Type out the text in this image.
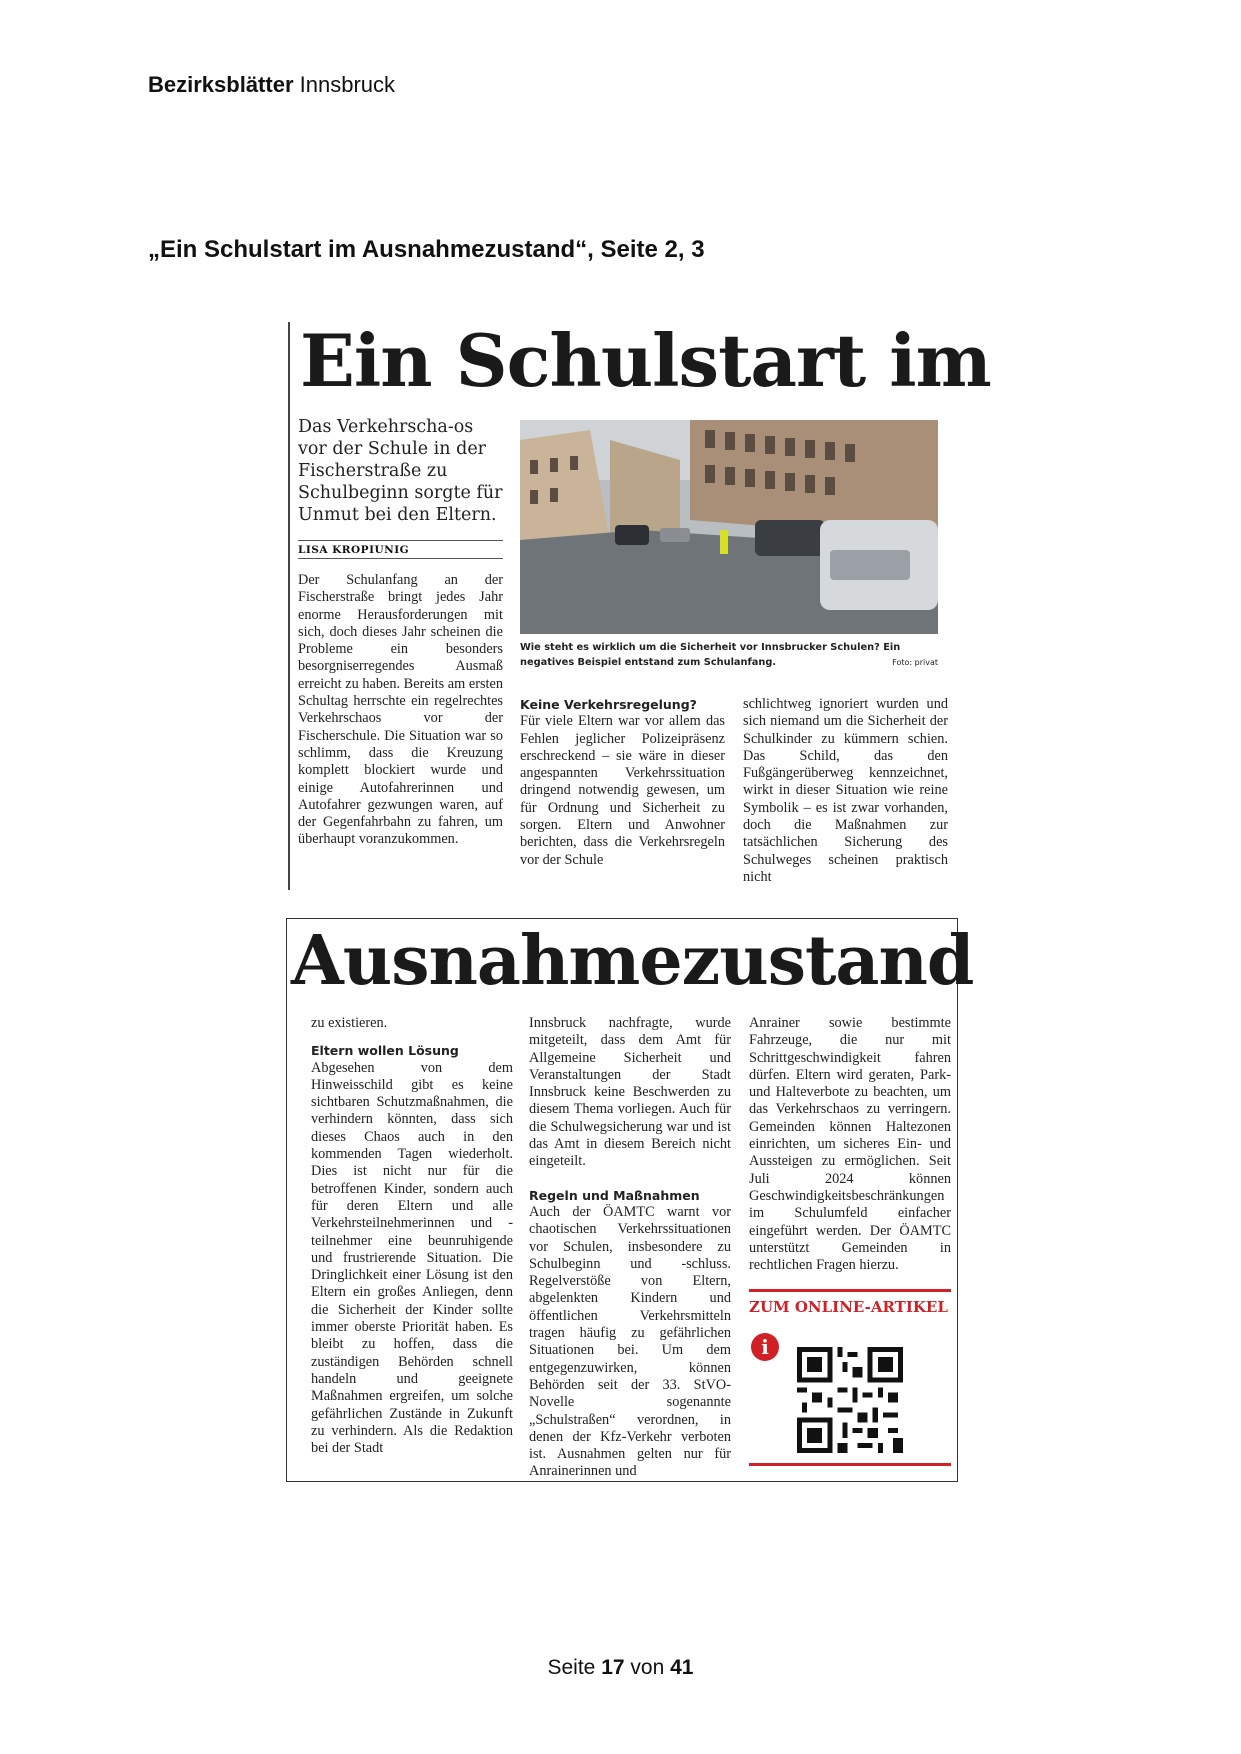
Bezirksblätter Innsbruck
„Ein Schulstart im Ausnahmezustand“, Seite 2, 3
Ein Schulstart im
Das Verkehrscha-os vor der Schule in der Fischerstraße zu Schulbeginn sorgte für Unmut bei den Eltern.
LISA KROPIUNIG
Der Schulanfang an der Fischerstraße bringt jedes Jahr enorme Herausforderungen mit sich, doch dieses Jahr scheinen die Probleme ein besonders besorgniserregendes Ausmaß erreicht zu haben. Bereits am ersten Schultag herrschte ein regelrechtes Verkehrschaos vor der Fischerschule. Die Situation war so schlimm, dass die Kreuzung komplett blockiert wurde und einige Autofahrerinnen und Autofahrer gezwungen waren, auf der Gegenfahrbahn zu fahren, um überhaupt voranzukommen.
Wie steht es wirklich um die Sicherheit vor Innsbrucker Schulen? Ein negatives Beispiel entstand zum Schulanfang.	Foto: privat
Keine Verkehrsregelung?
Für viele Eltern war vor allem das Fehlen jeglicher Polizeipräsenz erschreckend – sie wäre in dieser angespannten Verkehrssituation dringend notwendig gewesen, um für Ordnung und Sicherheit zu sorgen. Eltern und Anwohner berichten, dass die Verkehrsregeln vor der Schule
schlichtweg ignoriert wurden und sich niemand um die Sicherheit der Schulkinder zu kümmern schien. Das Schild, das den Fußgängerüberweg kennzeichnet, wirkt in dieser Situation wie reine Symbolik – es ist zwar vorhanden, doch die Maßnahmen zur tatsächlichen Sicherung des Schulweges scheinen praktisch nicht
Ausnahmezustand
zu existieren.
Eltern wollen Lösung
Abgesehen von dem Hinweisschild gibt es keine sichtbaren Schutzmaßnahmen, die verhindern könnten, dass sich dieses Chaos auch in den kommenden Tagen wiederholt. Dies ist nicht nur für die betroffenen Kinder, sondern auch für deren Eltern und alle Verkehrsteilnehmerinnen und -teilnehmer eine beunruhigende und frustrierende Situation. Die Dringlichkeit einer Lösung ist den Eltern ein großes Anliegen, denn die Sicherheit der Kinder sollte immer oberste Priorität haben. Es bleibt zu hoffen, dass die zuständigen Behörden schnell handeln und geeignete Maßnahmen ergreifen, um solche gefährlichen Zustände in Zukunft zu verhindern. Als die Redaktion bei der Stadt
Innsbruck nachfragte, wurde mitgeteilt, dass dem Amt für Allgemeine Sicherheit und Veranstaltungen der Stadt Innsbruck keine Beschwerden zu diesem Thema vorliegen. Auch für die Schulwegsicherung war und ist das Amt in diesem Bereich nicht eingeteilt.
Regeln und Maßnahmen
Auch der ÖAMTC warnt vor chaotischen Verkehrssituationen vor Schulen, insbesondere zu Schulbeginn und -schluss. Regelverstöße von Eltern, abgelenkten Kindern und öffentlichen Verkehrsmitteln tragen häufig zu gefährlichen Situationen bei. Um dem entgegenzuwirken, können Behörden seit der 33. StVO-Novelle sogenannte „Schulstraßen“ verordnen, in denen der Kfz-Verkehr verboten ist. Ausnahmen gelten nur für Anrainerinnen und
Anrainer sowie bestimmte Fahrzeuge, die nur mit Schrittgeschwindigkeit fahren dürfen. Eltern wird geraten, Park- und Halteverbote zu beachten, um das Verkehrschaos zu verringern. Gemeinden können Haltezonen einrichten, um sicheres Ein- und Aussteigen zu ermöglichen. Seit Juli 2024 können Geschwindigkeitsbeschränkungen im Schulumfeld einfacher eingeführt werden. Der ÖAMTC unterstützt Gemeinden in rechtlichen Fragen hierzu.
ZUM ONLINE-ARTIKEL
i
Seite 17 von 41
